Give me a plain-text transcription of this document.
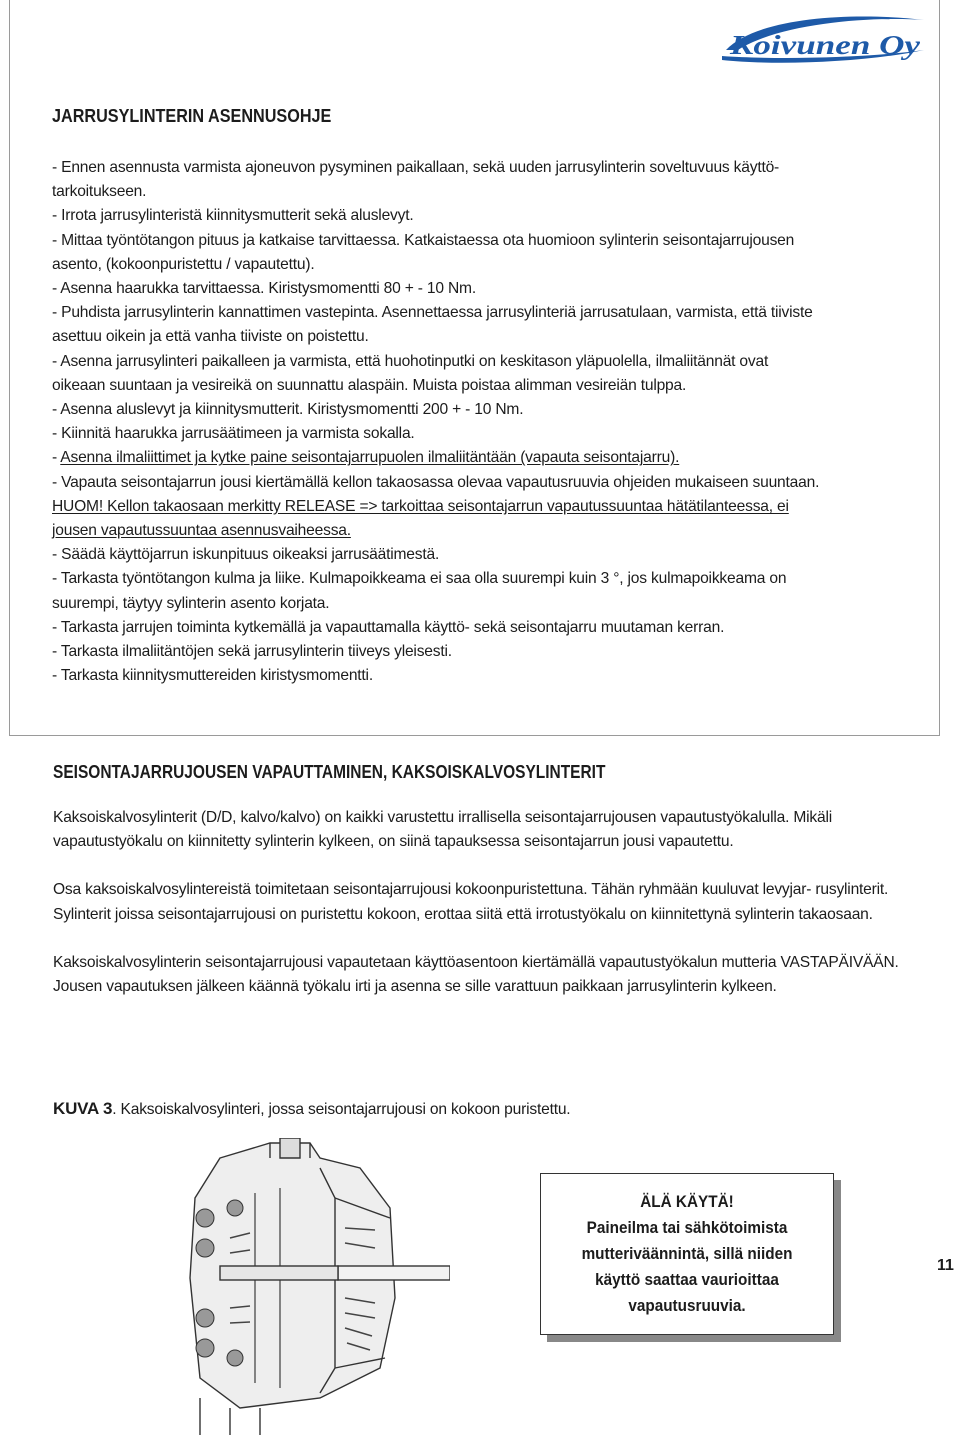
Koivunen Oy
JARRUSYLINTERIN ASENNUSOHJE

- Ennen asennusta varmista ajoneuvon pysyminen paikallaan, sekä uuden jarrusylinterin soveltuvuus käyttö-

tarkoitukseen.

- Irrota jarrusylinteristä kiinnitysmutterit sekä aluslevyt.

- Mittaa työntötangon pituus ja katkaise tarvittaessa. Katkaistaessa ota huomioon sylinterin seisontajarrujousen

asento, (kokoonpuristettu / vapautettu).

- Asenna haarukka tarvittaessa. Kiristysmomentti 80 + - 10 Nm.

- Puhdista jarrusylinterin kannattimen vastepinta. Asennettaessa jarrusylinteriä jarrusatulaan, varmista, että tiiviste

asettuu oikein ja että vanha tiiviste on poistettu.

- Asenna jarrusylinteri paikalleen ja varmista, että huohotinputki on keskitason yläpuolella, ilmaliitännät ovat

oikeaan suuntaan ja vesireikä on suunnattu alaspäin. Muista poistaa alimman vesireiän tulppa.

- Asenna aluslevyt ja kiinnitysmutterit. Kiristysmomentti 200 + - 10 Nm.

- Kiinnitä haarukka jarrusäätimeen ja varmista sokalla.

- Asenna ilmaliittimet ja kytke paine seisontajarrupuolen ilmaliitäntään (vapauta seisontajarru).

- Vapauta seisontajarrun jousi kiertämällä kellon takaosassa olevaa vapautusruuvia ohjeiden mukaiseen suuntaan.

HUOM! Kellon takaosaan merkitty RELEASE => tarkoittaa seisontajarrun vapautussuuntaa hätätilanteessa, ei

jousen vapautussuuntaa asennusvaiheessa.

- Säädä käyttöjarrun iskunpituus oikeaksi jarrusäätimestä.

- Tarkasta työntötangon kulma ja liike. Kulmapoikkeama ei saa olla suurempi kuin 3 °, jos kulmapoikkeama on

suurempi, täytyy sylinterin asento korjata.

- Tarkasta jarrujen toiminta kytkemällä ja vapauttamalla käyttö- sekä seisontajarru muutaman kerran.

- Tarkasta ilmaliitäntöjen sekä jarrusylinterin tiiveys yleisesti.

- Tarkasta kiinnitysmuttereiden kiristysmomentti.

SEISONTAJARRUJOUSEN VAPAUTTAMINEN, KAKSOISKALVOSYLINTERIT

Kaksoiskalvosylinterit (D/D, kalvo/kalvo) on kaikki varustettu irrallisella seisontajarrujousen vapautustyökalulla. Mikäli vapautustyökalu on kiinnitetty sylinterin kylkeen, on siinä tapauksessa seisontajarrun jousi vapautettu.

Osa kaksoiskalvosylintereistä toimitetaan seisontajarrujousi kokoonpuristettuna. Tähän ryhmään kuuluvat levyjar- rusylinterit. Sylinterit joissa seisontajarrujousi on puristettu kokoon, erottaa siitä että irrotustyökalu on kiinnitettynä sylinterin takaosaan.

Kaksoiskalvosylinterin seisontajarrujousi vapautetaan käyttöasentoon kiertämällä vapautustyökalun mutteria VASTAPÄIVÄÄN. Jousen vapautuksen jälkeen käännä työkalu irti ja asenna se sille varattuun paikkaan jarrusylinterin kylkeen.

KUVA 3. Kaksoiskalvosylinteri, jossa seisontajarrujousi on kokoon puristettu.
ÄLÄ KÄYTÄ!
Paineilma tai sähkötoimista
mutteriväännintä, sillä niiden
käyttö saattaa vaurioittaa
vapautusruuvia.
11
